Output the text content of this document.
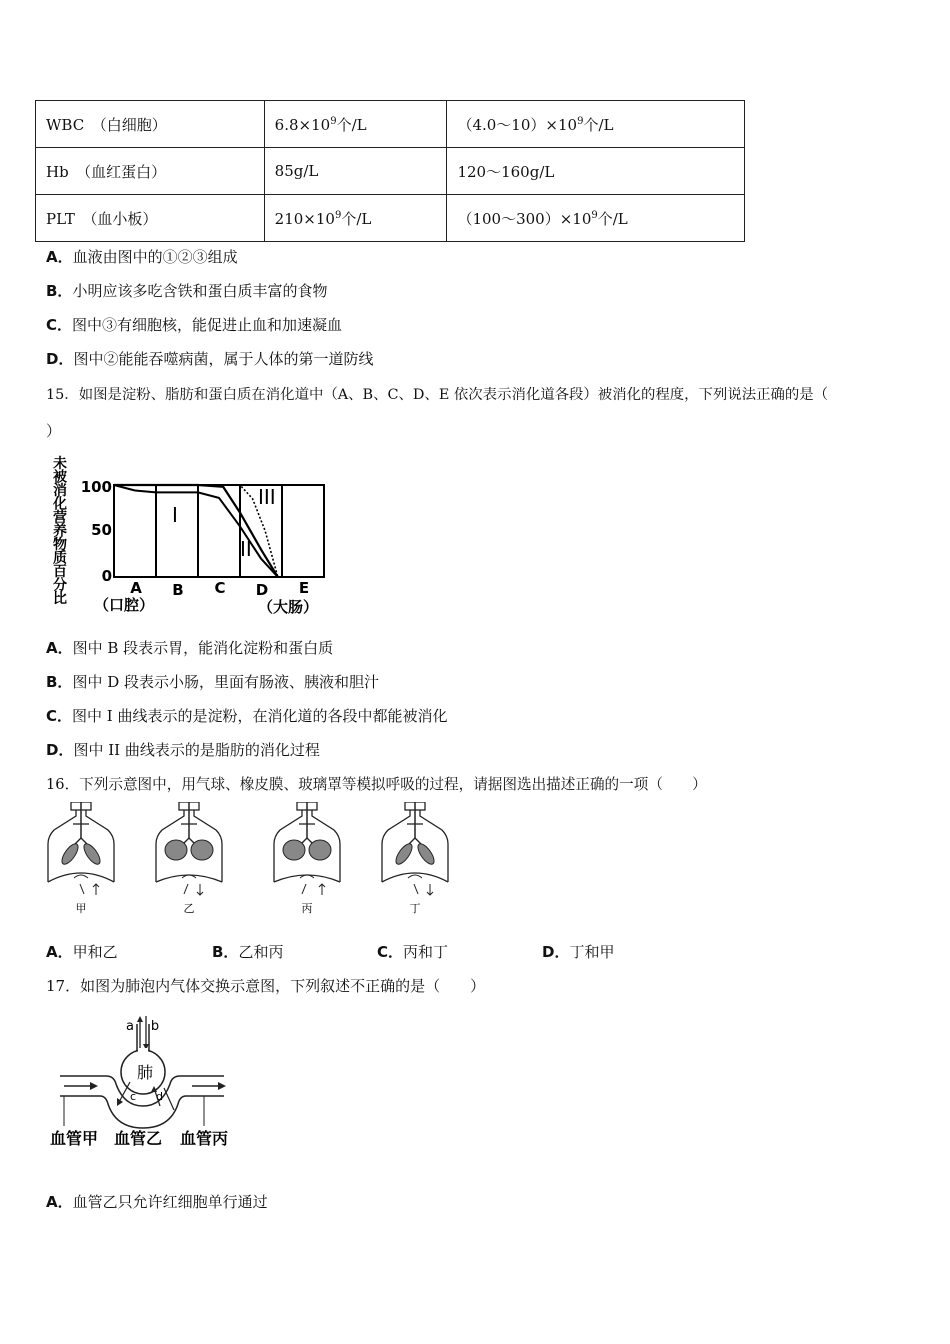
WBC　（白细胞）	$6.8\times 10^9$个/L	$(4.0\sim 10)\times 10^9$个/L
Hb　（血红蛋白）	85g/L	120～160g/L
PLT　（血小板）	$210\times 10^9$个/L	$(100\sim 300)\times 10^9$个/L
A．血液由图中的①②③组成
B．小明应该多吃含铁和蛋白质丰富的食物
C．图中③有细胞核，能促进止血和加速凝血
D．图中②能能吞噬病菌，属于人体的第一道防线
15．如图是淀粉、脂肪和蛋白质在消化道中（A、B、C、D、E 依次表示消化道各段）被消化的程度，下列说法正确的是（
）
未被消化营养物质百分比
100
50
0
A B C D E
I
II
III
（口腔）	（大肠）
A．图中 B 段表示胃，能消化淀粉和蛋白质
B．图中 D 段表示小肠，里面有肠液、胰液和胆汁
C．图中 I 曲线表示的是淀粉，在消化道的各段中都能被消化
D．图中 II 曲线表示的是脂肪的消化过程
16．下列示意图中，用气球、橡皮膜、玻璃罩等模拟呼吸的过程，请据图选出描述正确的一项（　　）
甲	乙	丙	丁
A．甲和乙	B．乙和丙	C．丙和丁	D．丁和甲
17．如图为肺泡内气体交换示意图，下列叙述不正确的是（　　）
a b
肺
c d
血管甲 血管乙 血管丙
A．血管乙只允许红细胞单行通过
